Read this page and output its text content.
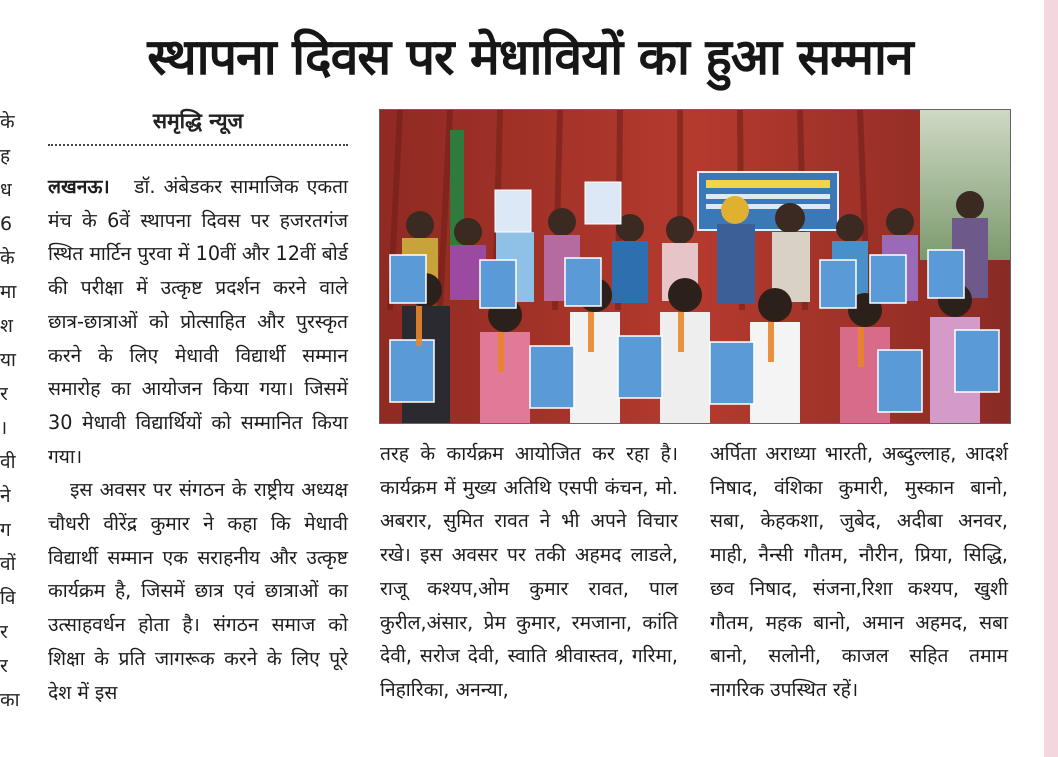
स्थापना दिवस पर मेधावियों का हुआ सम्मान
के
ह
ध
6
के
मा
श
या
र
।
वी
ने
ग
वों
वि
र
र
का
समृद्धि न्यूज

लखनऊ। डॉ. अंबेडकर सामाजिक एकता मंच के 6वें स्थापना दिवस पर हजरतगंज स्थित मार्टिन पुरवा में 10वीं और 12वीं बोर्ड की परीक्षा में उत्कृष्ट प्रदर्शन करने वाले छात्र-छात्राओं को प्रोत्साहित और पुरस्कृत करने के लिए मेधावी विद्यार्थी सम्मान समारोह का आयोजन किया गया। जिसमें 30 मेधावी विद्यार्थियों को सम्मानित किया गया।

इस अवसर पर संगठन के राष्ट्रीय अध्यक्ष चौधरी वीरेंद्र कुमार ने कहा कि मेधावी विद्यार्थी सम्मान एक सराहनीय और उत्कृष्ट कार्यक्रम है, जिसमें छात्र एवं छात्राओं का उत्साहवर्धन होता है। संगठन समाज को शिक्षा के प्रति जागरूक करने के लिए पूरे देश में इस

तरह के कार्यक्रम आयोजित कर रहा है। कार्यक्रम में मुख्य अतिथि एसपी कंचन, मो. अबरार, सुमित रावत ने भी अपने विचार रखे। इस अवसर पर तकी अहमद लाडले, राजू कश्यप,ओम कुमार रावत, पाल कुरील,अंसार, प्रेम कुमार, रमजाना, कांति देवी, सरोज देवी, स्वाति श्रीवास्तव, गरिमा, निहारिका, अनन्या,

अर्पिता अराध्या भारती, अब्दुल्लाह, आदर्श निषाद, वंशिका कुमारी, मुस्कान बानो, सबा, केहकशा, जुबेद, अदीबा अनवर, माही, नैन्सी गौतम, नौरीन, प्रिया, सिद्धि, छव निषाद, संजना,रिशा कश्यप, खुशी गौतम, महक बानो, अमान अहमद, सबा बानो, सलोनी, काजल सहित तमाम नागरिक उपस्थित रहें।
